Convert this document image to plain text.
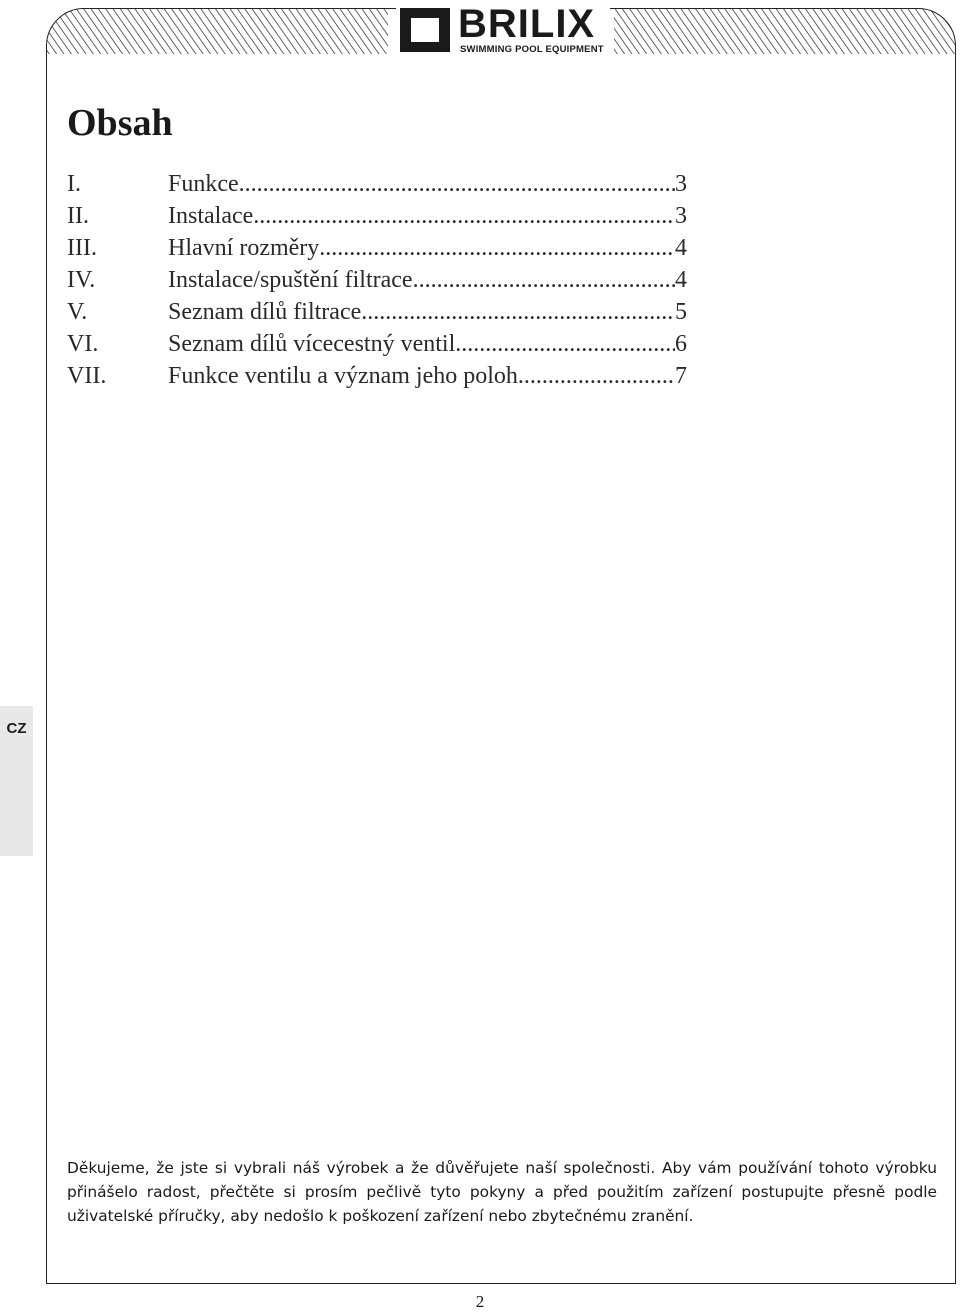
BRILIX
SWIMMING POOL EQUIPMENT
Obsah
I.	Funkce .....	3
II.	Instalace .....	3
III.	Hlavní rozměry .....	4
IV.	Instalace/spuštění filtrace .....	4
V.	Seznam dílů filtrace .....	5
VI.	Seznam dílů vícecestný ventil .....	6
VII.	Funkce ventilu a význam jeho poloh .....	7
CZ

Děkujeme, že jste si vybrali náš výrobek a že důvěřujete naší společnosti. Aby vám používání tohoto výrobku přinášelo radost, přečtěte si prosím pečlivě tyto pokyny a před použitím zařízení postupujte přesně podle uživatelské příručky, aby nedošlo k poškození zařízení nebo zbytečnému zranění.

2
